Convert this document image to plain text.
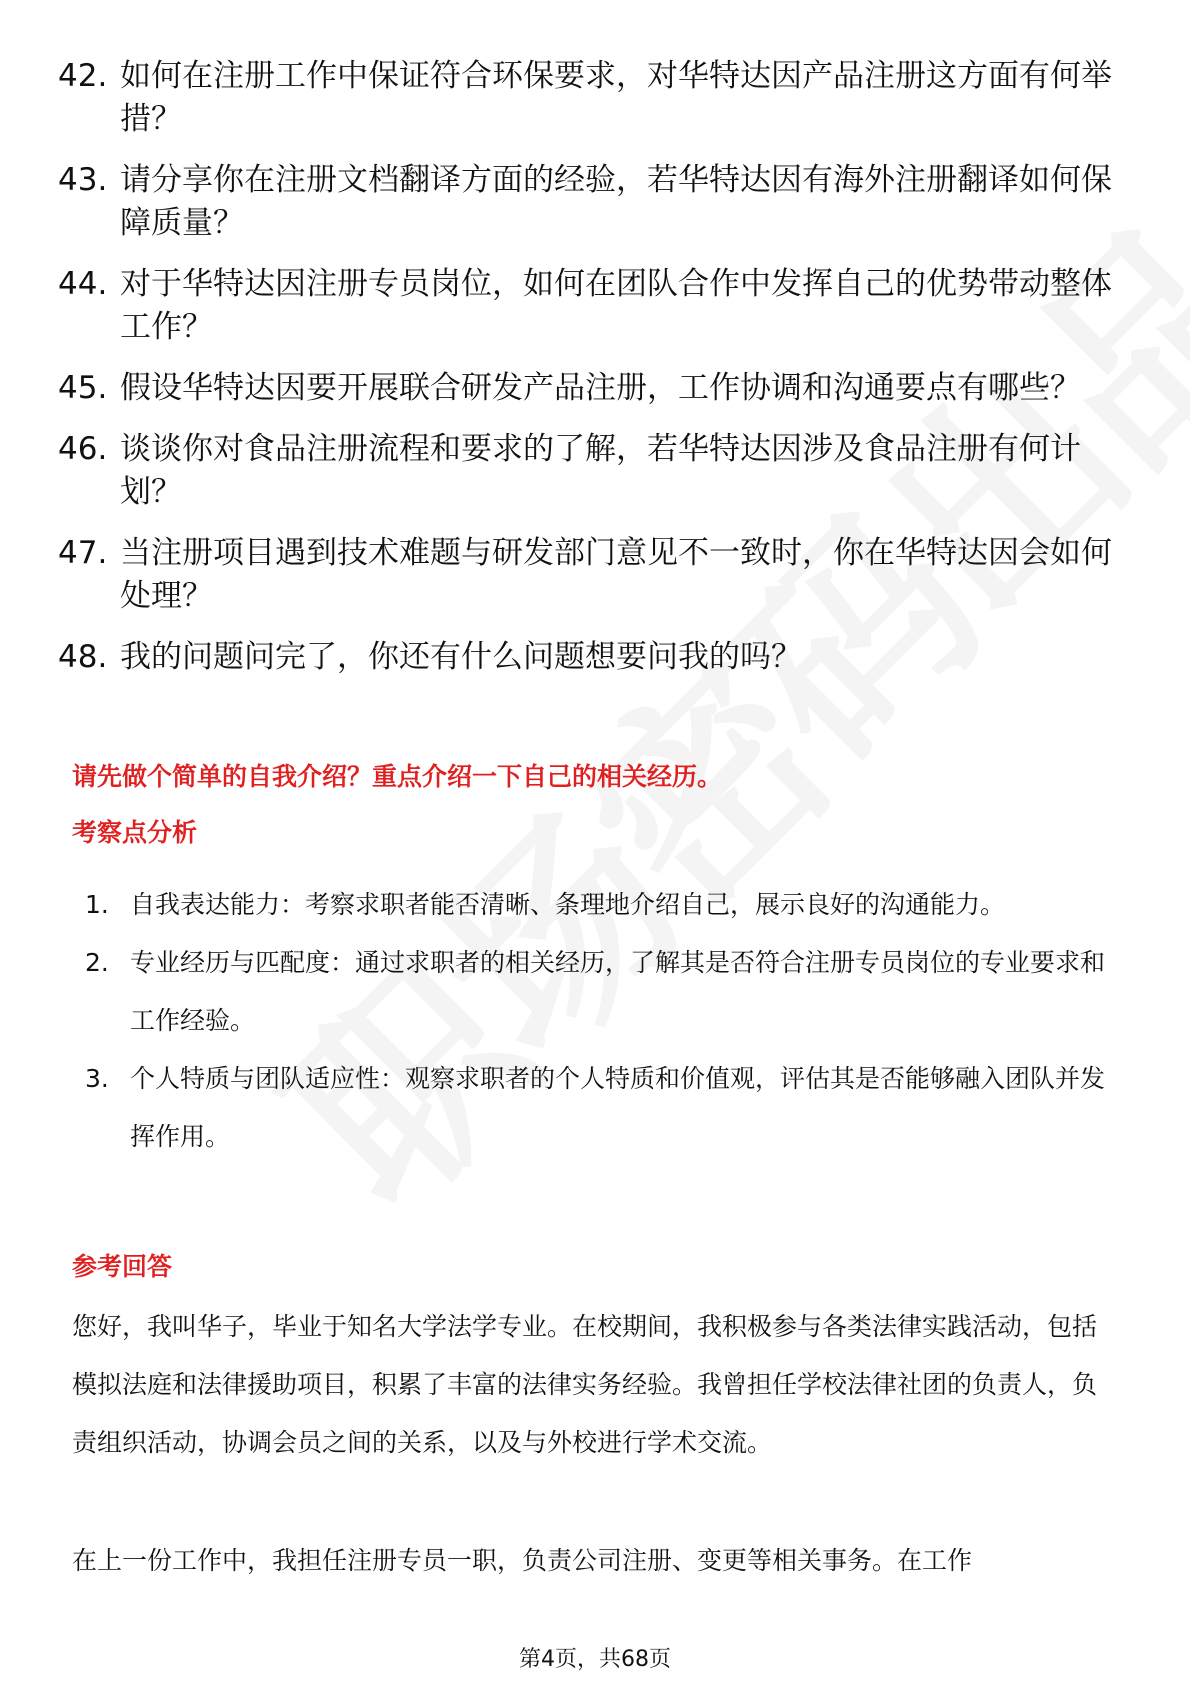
42. 如何在注册工作中保证符合环保要求，对华特达因产品注册这方面有何举措？
43. 请分享你在注册文档翻译方面的经验，若华特达因有海外注册翻译如何保障质量？
44. 对于华特达因注册专员岗位，如何在团队合作中发挥自己的优势带动整体工作？
45. 假设华特达因要开展联合研发产品注册，工作协调和沟通要点有哪些？
46. 谈谈你对食品注册流程和要求的了解，若华特达因涉及食品注册有何计划？
47. 当注册项目遇到技术难题与研发部门意见不一致时，你在华特达因会如何处理？
48. 我的问题问完了，你还有什么问题想要问我的吗？
请先做个简单的自我介绍？重点介绍一下自己的相关经历。
考察点分析
1. 自我表达能力：考察求职者能否清晰、条理地介绍自己，展示良好的沟通能力。
2. 专业经历与匹配度：通过求职者的相关经历，了解其是否符合注册专员岗位的专业要求和工作经验。
3. 个人特质与团队适应性：观察求职者的个人特质和价值观，评估其是否能够融入团队并发挥作用。
参考回答

您好，我叫华子，毕业于知名大学法学专业。在校期间，我积极参与各类法律实践活动，包括模拟法庭和法律援助项目，积累了丰富的法律实务经验。我曾担任学校法律社团的负责人，负责组织活动，协调会员之间的关系，以及与外校进行学术交流。

在上一份工作中，我担任注册专员一职，负责公司注册、变更等相关事务。在工作

第4页，共68页
